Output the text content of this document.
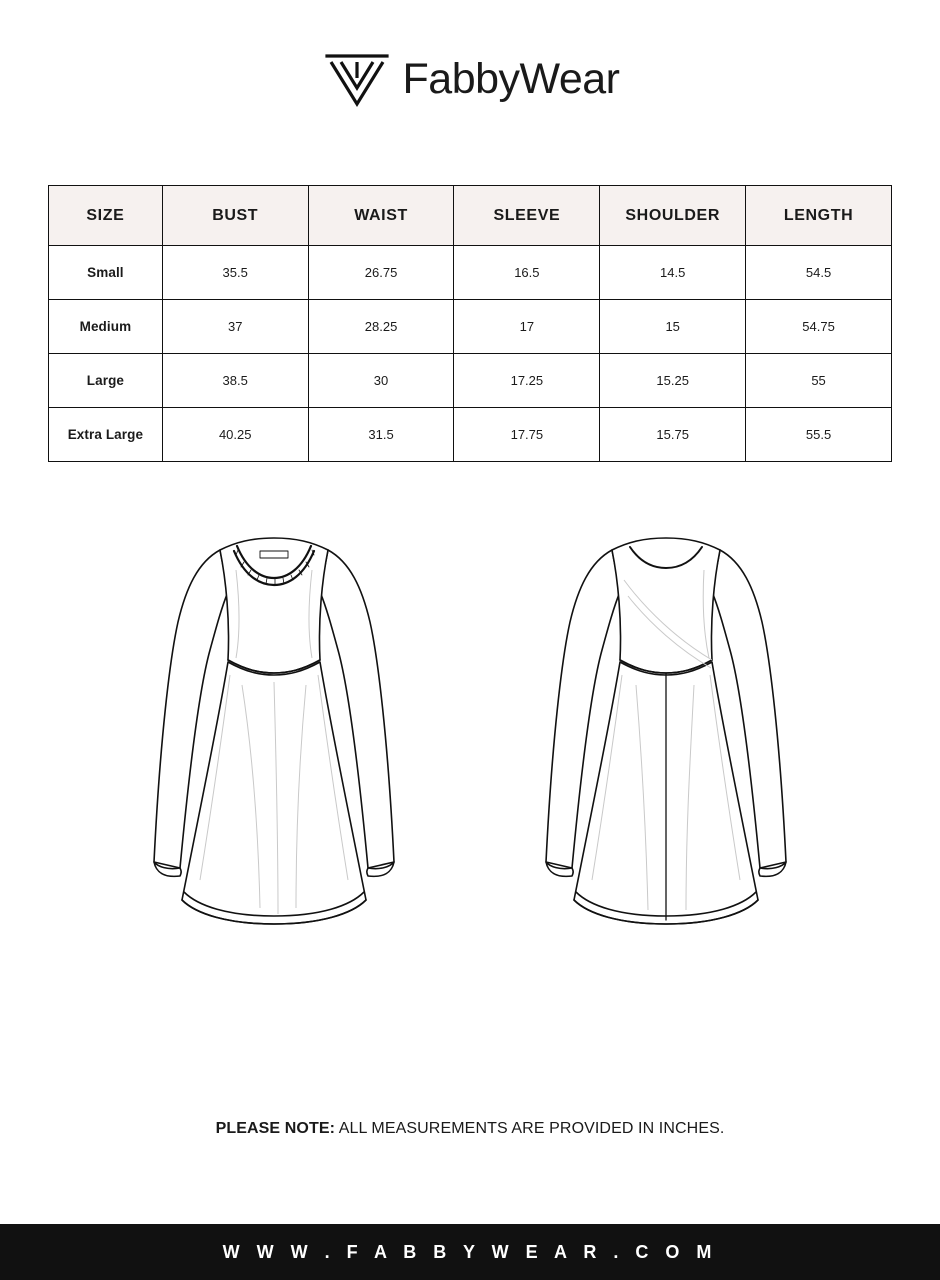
FabbyWear
SIZE	BUST	WAIST	SLEEVE	SHOULDER	LENGTH
Small	35.5	26.75	16.5	14.5	54.5
Medium	37	28.25	17	15	54.75
Large	38.5	30	17.25	15.25	55
Extra Large	40.25	31.5	17.75	15.75	55.5
PLEASE NOTE: ALL MEASUREMENTS ARE PROVIDED IN INCHES.
W W W . F A B B Y W E A R . C O M
